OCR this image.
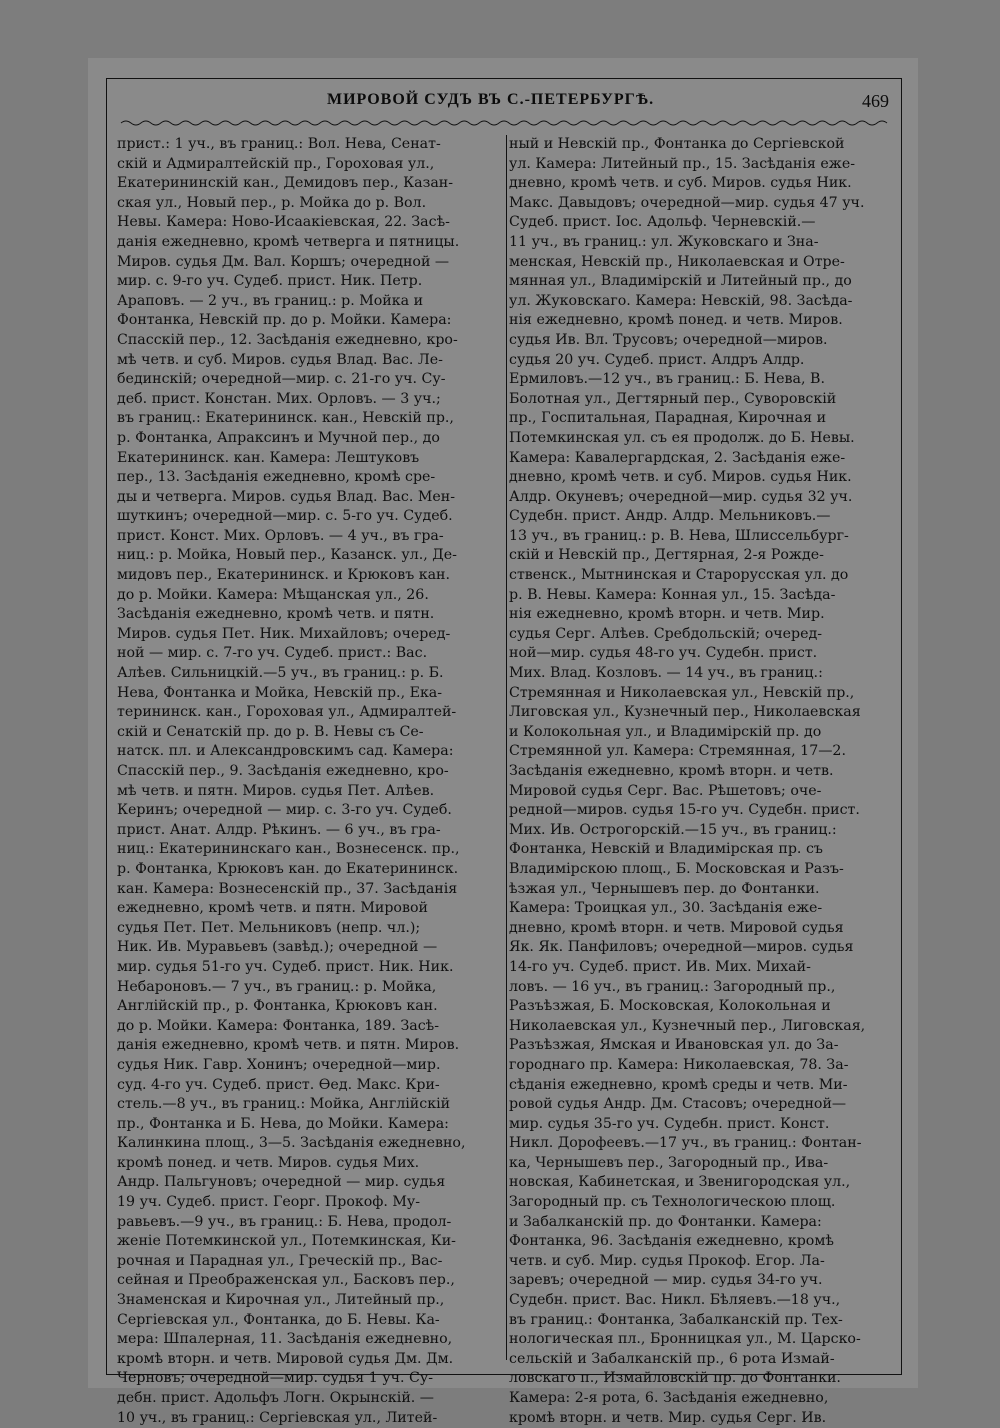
МИРОВОЙ СУДЪ ВЪ С.-ПЕТЕРБУРГѢ.	469
прист.: 1 уч., въ границ.: Вол. Нева, Сенат-
скій и Адмиралтейскій пр., Гороховая ул.,
Екатерининскій кан., Демидовъ пер., Казан-
ская ул., Новый пер., р. Мойка до р. Вол.
Невы. Камера: Ново-Исаакіевская, 22. Засѣ-
данія ежедневно, кромѣ четверга и пятницы.
Миров. судья Дм. Вал. Коршъ; очередной —
мир. с. 9-го уч. Судеб. прист. Ник. Петр.
Араповъ. — 2 уч., въ границ.: р. Мойка и
Фонтанка, Невскій пр. до р. Мойки. Камера:
Спасскій пер., 12. Засѣданія ежедневно, кро-
мѣ четв. и суб. Миров. судья Влад. Вас. Ле-
бединскій; очередной—мир. с. 21-го уч. Су-
деб. прист. Констан. Мих. Орловъ. — 3 уч.;
въ границ.: Екатерининск. кан., Невскій пр.,
р. Фонтанка, Апраксинъ и Мучной пер., до
Екатерининск. кан. Камера: Лештуковъ
пер., 13. Засѣданія ежедневно, кромѣ сре-
ды и четверга. Миров. судья Влад. Вас. Мен-
шуткинъ; очередной—мир. с. 5-го уч. Судеб.
прист. Конст. Мих. Орловъ. — 4 уч., въ гра-
ниц.: р. Мойка, Новый пер., Казанск. ул., Де-
мидовъ пер., Екатерининск. и Крюковъ кан.
до р. Мойки. Камера: Мѣщанская ул., 26.
Засѣданія ежедневно, кромѣ четв. и пятн.
Миров. судья Пет. Ник. Михайловъ; очеред-
ной — мир. с. 7-го уч. Судеб. прист.: Вас.
Алѣев. Сильницкій.—5 уч., въ границ.: р. Б.
Нева, Фонтанка и Мойка, Невскій пр., Ека-
терининск. кан., Гороховая ул., Адмиралтей-
скій и Сенатскій пр. до р. В. Невы съ Се-
натск. пл. и Александровскимъ сад. Камера:
Спасскій пер., 9. Засѣданія ежедневно, кро-
мѣ четв. и пятн. Миров. судья Пет. Алѣев.
Керинъ; очередной — мир. с. 3-го уч. Судеб.
прист. Анат. Алдр. Рѣкинъ. — 6 уч., въ гра-
ниц.: Екатерининскаго кан., Вознесенск. пр.,
р. Фонтанка, Крюковъ кан. до Екатерининск.
кан. Камера: Вознесенскій пр., 37. Засѣданія
ежедневно, кромѣ четв. и пятн. Мировой
судья Пет. Пет. Мельниковъ (непр. чл.);
Ник. Ив. Муравьевъ (завѣд.); очередной —
мир. судья 51-го уч. Судеб. прист. Ник. Ник.
Небароновъ.— 7 уч., въ границ.: р. Мойка,
Англійскій пр., р. Фонтанка, Крюковъ кан.
до р. Мойки. Камера: Фонтанка, 189. Засѣ-
данія ежедневно, кромѣ четв. и пятн. Миров.
судья Ник. Гавр. Хонинъ; очередной—мир.
суд. 4-го уч. Судеб. прист. Ѳед. Макс. Кри-
стель.—8 уч., въ границ.: Мойка, Англійскій
пр., Фонтанка и Б. Нева, до Мойки. Камера:
Калинкина площ., 3—5. Засѣданія ежедневно,
кромѣ понед. и четв. Миров. судья Мих.
Андр. Пальгуновъ; очередной — мир. судья
19 уч. Судеб. прист. Георг. Прокоф. Му-
равьевъ.—9 уч., въ границ.: Б. Нева, продол-
женіе Потемкинской ул., Потемкинская, Ки-
рочная и Парадная ул., Греческій пр., Вас-
сейная и Преображенская ул., Басковъ пер.,
Знаменская и Кирочная ул., Литейный пр.,
Сергіевская ул., Фонтанка, до Б. Невы. Ка-
мера: Шпалерная, 11. Засѣданія ежедневно,
кромѣ вторн. и четв. Мировой судья Дм. Дм.
Черновъ; очередной—мир. судья 1 уч. Су-
дебн. прист. Адольфъ Логн. Окрынскій. —
10 уч., въ границ.: Сергіевская ул., Литей-
ный и Невскій пр., Фонтанка до Сергіевской
ул. Камера: Литейный пр., 15. Засѣданія еже-
дневно, кромѣ четв. и суб. Миров. судья Ник.
Макс. Давыдовъ; очередной—мир. судья 47 уч.
Судеб. прист. Іос. Адольф. Черневскій.—
11 уч., въ границ.: ул. Жуковскаго и Зна-
менская, Невскій пр., Николаевская и Отре-
мянная ул., Владимірскій и Литейный пр., до
ул. Жуковскаго. Камера: Невскій, 98. Засѣда-
нія ежедневно, кромѣ понед. и четв. Миров.
судья Ив. Вл. Трусовъ; очередной—миров.
судья 20 уч. Судеб. прист. Алдръ Алдр.
Ермиловъ.—12 уч., въ границ.: Б. Нева, В.
Болотная ул., Дегтярный пер., Суворовскій
пр., Госпитальная, Парадная, Кирочная и
Потемкинская ул. съ ея продолж. до Б. Невы.
Камера: Кавалергардская, 2. Засѣданія еже-
дневно, кромѣ четв. и суб. Миров. судья Ник.
Алдр. Окуневъ; очередной—мир. судья 32 уч.
Судебн. прист. Андр. Алдр. Мельниковъ.—
13 уч., въ границ.: р. В. Нева, Шлиссельбург-
скій и Невскій пр., Дегтярная, 2-я Рожде-
ственск., Мытнинская и Старорусская ул. до
р. В. Невы. Камера: Конная ул., 15. Засѣда-
нія ежедневно, кромѣ вторн. и четв. Мир.
судья Серг. Алѣев. Сребдольскій; очеред-
ной—мир. судья 48-го уч. Судебн. прист.
Мих. Влад. Козловъ. — 14 уч., въ границ.:
Стремянная и Николаевская ул., Невскій пр.,
Лиговская ул., Кузнечный пер., Николаевская
и Колокольная ул., и Владимірскій пр. до
Стремянной ул. Камера: Стремянная, 17—2.
Засѣданія ежедневно, кромѣ вторн. и четв.
Мировой судья Серг. Вас. Рѣшетовъ; оче-
редной—миров. судья 15-го уч. Судебн. прист.
Мих. Ив. Острогорскій.—15 уч., въ границ.:
Фонтанка, Невскій и Владимірская пр. съ
Владимірскою площ., Б. Московская и Разъ-
ѣзжая ул., Чернышевъ пер. до Фонтанки.
Камера: Троицкая ул., 30. Засѣданія еже-
дневно, кромѣ вторн. и четв. Мировой судья
Як. Як. Панфиловъ; очередной—миров. судья
14-го уч. Судеб. прист. Ив. Мих. Михай-
ловъ. — 16 уч., въ границ.: Загородный пр.,
Разъѣзжая, Б. Московская, Колокольная и
Николаевская ул., Кузнечный пер., Лиговская,
Разъѣзжая, Ямская и Ивановская ул. до За-
городнаго пр. Камера: Николаевская, 78. За-
сѣданія ежедневно, кромѣ среды и четв. Ми-
ровой судья Андр. Дм. Стасовъ; очередной—
мир. судья 35-го уч. Судебн. прист. Конст.
Никл. Дорофеевъ.—17 уч., въ границ.: Фонтан-
ка, Чернышевъ пер., Загородный пр., Ива-
новская, Кабинетская, и Звенигородская ул.,
Загородный пр. съ Технологическою площ.
и Забалканскій пр. до Фонтанки. Камера:
Фонтанка, 96. Засѣданія ежедневно, кромѣ
четв. и суб. Мир. судья Прокоф. Егор. Ла-
заревъ; очередной — мир. судья 34-го уч.
Судебн. прист. Вас. Никл. Бѣляевъ.—18 уч.,
въ границ.: Фонтанка, Забалканскій пр. Тех-
нологическая пл., Бронницкая ул., М. Царско-
сельскій и Забалканскій пр., 6 рота Измай-
ловскаго п., Измайловскій пр. до Фонтанки.
Камера: 2-я рота, 6. Засѣданія ежедневно,
кромѣ вторн. и четв. Мир. судья Серг. Ив.
